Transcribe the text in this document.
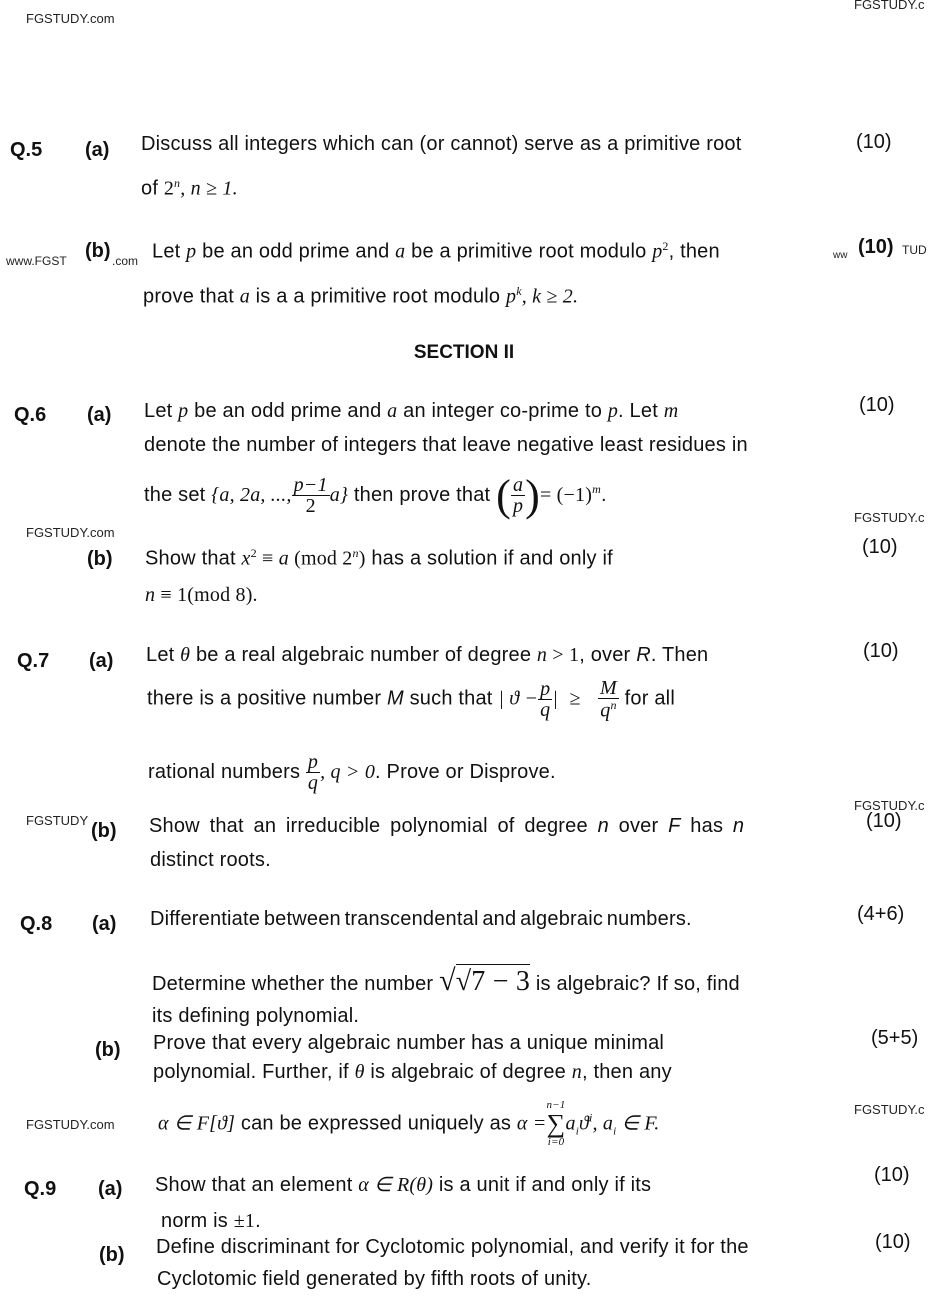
FGSTUDY.com
FGSTUDY.c
Q.5 (a) Discuss all integers which can (or cannot) serve as a primitive root	(10)
of 2$^n$, n ≥ 1.
www.FGST (b) .com Let p be an odd prime and a be a primitive root modulo $p^2$, then	ww (10) TUD
prove that a is a a primitive root modulo $p^k$, k ≥ 2.
SECTION II
Q.6 (a) Let p be an odd prime and a an integer co-prime to p. Let m	(10)
denote the number of integers that leave negative least residues in
the set {a, 2a, ..., $\frac{p-1}{2} a$} then prove that ( $\frac{a}{p}$ )= $(-1)^m$.
FGSTUDY.com
FGSTUDY.c
(b) Show that $x^2 \equiv a$ (mod 2$^n$) has a solution if and only if
(10)
n ≡ 1(mod 8).
Q.7 (a) Let θ be a real algebraic number of degree n > 1, over R. Then	(10)
there is a positive number M such that | $ϑ - \frac{p}{q}$ | ≥ $\frac{M}{q^n}$ for all
rational numbers $\frac{p}{q}$ , q > 0. Prove or Disprove.
FGSTUDY
FGSTUDY.c
(b) Show that an irreducible polynomial of degree n over F has n	(10)
distinct roots.
Q.8 (a) Differentiate between transcendental and algebraic numbers.	(4+6)
Determine whether the number √√7 − 3 is algebraic? If so, find
its defining polynomial.
(b) Prove that every algebraic number has a unique minimal	(5+5)
polynomial. Further, if θ is algebraic of degree n, then any
FGSTUDY.com
FGSTUDY.c
α ∈ F[ϑ] can be expressed uniquely as α =
n−1
∑
i=0
$a_iϑ^i$, $a_i$ ∈ F.
Q.9 (a) Show that an element α ∈ R(θ) is a unit if and only if its	(10)
norm is ±1.
(b) Define discriminant for Cyclotomic polynomial, and verify it for the	(10)
Cyclotomic field generated by fifth roots of unity.
